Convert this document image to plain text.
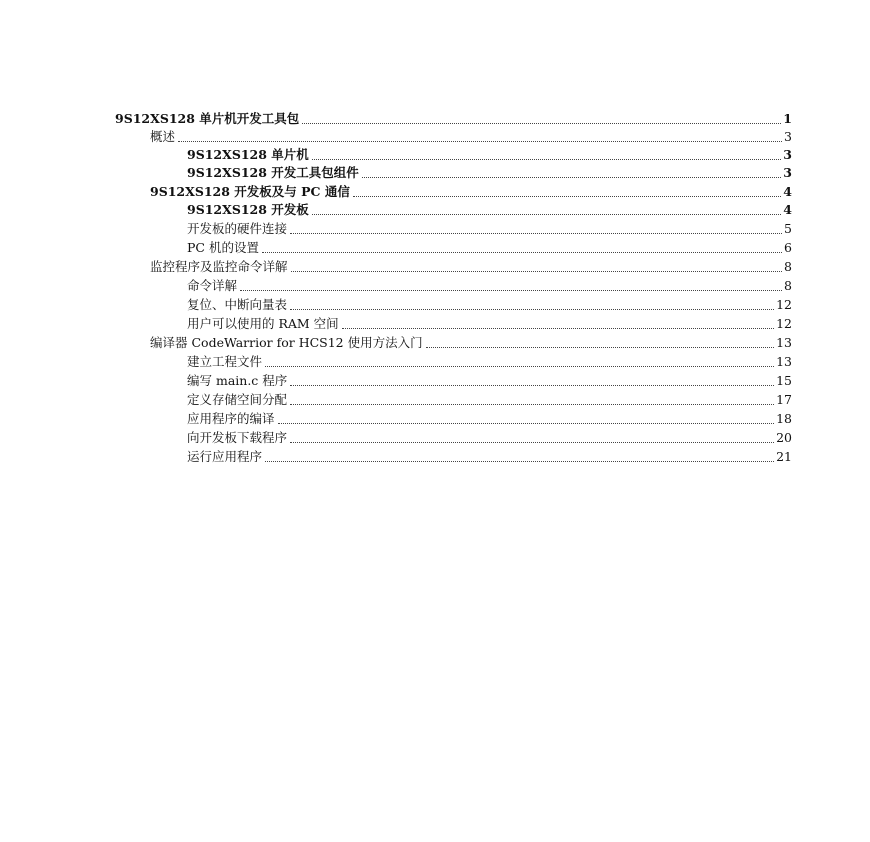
9S12XS128 单片机开发工具包	1
概述	3
9S12XS128 单片机	3
9S12XS128 开发工具包组件	3
9S12XS128 开发板及与 PC 通信	4
9S12XS128 开发板	4
开发板的硬件连接	5
PC 机的设置	6
监控程序及监控命令详解	8
命令详解	8
复位、中断向量表	12
用户可以使用的 RAM 空间	12
编译器 CodeWarrior for HCS12 使用方法入门	13
建立工程文件	13
编写 main.c 程序	15
定义存储空间分配	17
应用程序的编译	18
向开发板下载程序	20
运行应用程序	21
